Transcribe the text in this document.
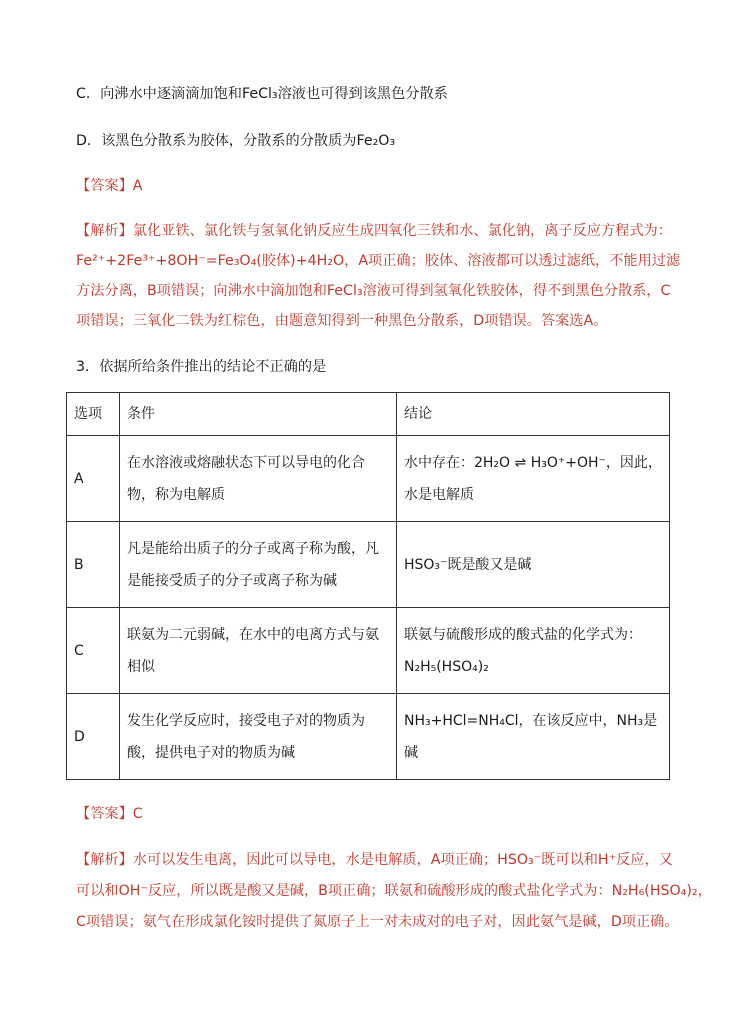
C．向沸水中逐滴滴加饱和FeCl₃溶液也可得到该黑色分散系
D．该黑色分散系为胶体，分散系的分散质为Fe₂O₃
【答案】A
【解析】氯化亚铁、氯化铁与氢氧化钠反应生成四氧化三铁和水、氯化钠，离子反应方程式为：
Fe²⁺+2Fe³⁺+8OH⁻=Fe₃O₄(胶体)+4H₂O，A项正确；胶体、溶液都可以透过滤纸，不能用过滤
方法分离，B项错误；向沸水中滴加饱和FeCl₃溶液可得到氢氧化铁胶体，得不到黑色分散系，C
项错误；三氧化二铁为红棕色，由题意知得到一种黑色分散系，D项错误。答案选A。
3．依据所给条件推出的结论不正确的是
选项	条件	结论
A	在水溶液或熔融状态下可以导电的化合物，称为电解质	水中存在：2H₂O ⇌ H₃O⁺+OH⁻，因此，水是电解质
B	凡是能给出质子的分子或离子称为酸，凡是能接受质子的分子或离子称为碱	HSO₃⁻既是酸又是碱
C	联氨为二元弱碱，在水中的电离方式与氨相似	联氨与硫酸形成的酸式盐的化学式为：N₂H₅(HSO₄)₂
D	发生化学反应时，接受电子对的物质为酸，提供电子对的物质为碱	NH₃+HCl=NH₄Cl，在该反应中，NH₃是碱
【答案】C
【解析】水可以发生电离，因此可以导电，水是电解质，A项正确；HSO₃⁻既可以和H⁺反应，又
可以和OH⁻反应，所以既是酸又是碱，B项正确；联氨和硫酸形成的酸式盐化学式为：N₂H₆(HSO₄)₂，
C项错误；氨气在形成氯化铵时提供了氮原子上一对未成对的电子对，因此氨气是碱，D项正确。
